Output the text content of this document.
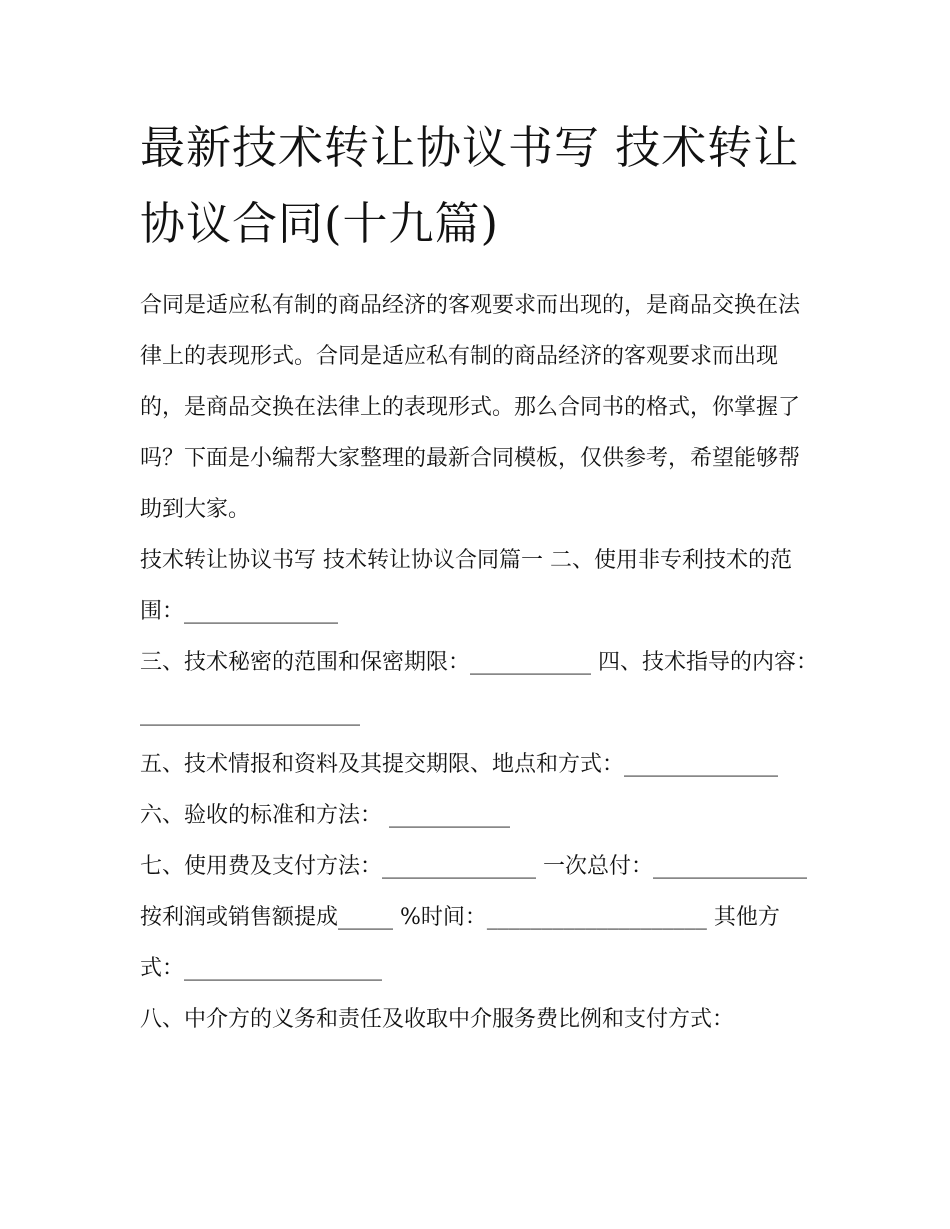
最新技术转让协议书写 技术转让协议合同(十九篇)

合同是适应私有制的商品经济的客观要求而出现的，是商品交换在法律上的表现形式。合同是适应私有制的商品经济的客观要求而出现的，是商品交换在法律上的表现形式。那么合同书的格式，你掌握了吗？下面是小编帮大家整理的最新合同模板，仅供参考，希望能够帮助到大家。

技术转让协议书写 技术转让协议合同篇一 二、使用非专利技术的范围：______________

三、技术秘密的范围和保密期限：___________ 四、技术指导的内容：____________________

五、技术情报和资料及其提交期限、地点和方式：______________ 六、验收的标准和方法： ___________

七、使用费及支付方法：______________ 一次总付：______________ 按利润或销售额提成_____ %时间：____________________ 其他方式：__________________

八、中介方的义务和责任及收取中介服务费比例和支付方式：
